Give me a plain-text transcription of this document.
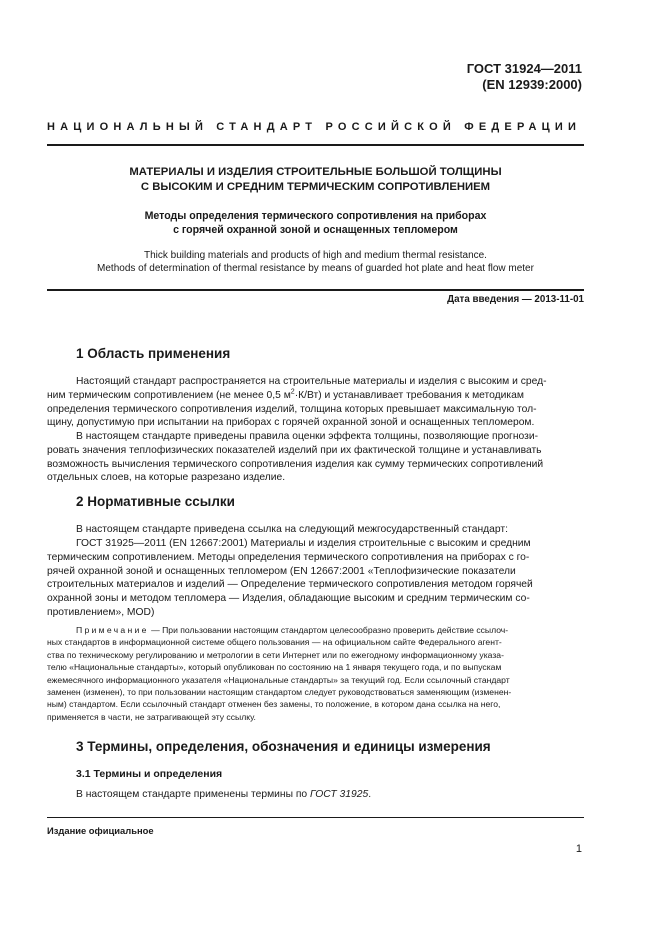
ГОСТ 31924—2011
(EN 12939:2000)
НАЦИОНАЛЬНЫЙ СТАНДАРТ РОССИЙСКОЙ ФЕДЕРАЦИИ
МАТЕРИАЛЫ И ИЗДЕЛИЯ СТРОИТЕЛЬНЫЕ БОЛЬШОЙ ТОЛЩИНЫ
С ВЫСОКИМ И СРЕДНИМ ТЕРМИЧЕСКИМ СОПРОТИВЛЕНИЕМ
Методы определения термического сопротивления на приборах
с горячей охранной зоной и оснащенных тепломером
Thick building materials and products of high and medium thermal resistance.
Methods of determination of thermal resistance by means of guarded hot plate and heat flow meter
Дата введения — 2013-11-01
1 Область применения
Настоящий стандарт распространяется на строительные материалы и изделия с высоким и сред-
ним термическим сопротивлением (не менее 0,5 $м^2\cdot К/Вт$) и устанавливает требования к методикам
определения термического сопротивления изделий, толщина которых превышает максимальную тол-
щину, допустимую при испытании на приборах с горячей охранной зоной и оснащенных тепломером.
В настоящем стандарте приведены правила оценки эффекта толщины, позволяющие прогнози-
ровать значения теплофизических показателей изделий при их фактической толщине и устанавливать
возможность вычисления термического сопротивления изделия как сумму термических сопротивлений
отдельных слоев, на которые разрезано изделие.
2 Нормативные ссылки
В настоящем стандарте приведена ссылка на следующий межгосударственный стандарт:
ГОСТ 31925—2011 (EN 12667:2001) Материалы и изделия строительные с высоким и средним
термическим сопротивлением. Методы определения термического сопротивления на приборах с го-
рячей охранной зоной и оснащенных тепломером (EN 12667:2001 «Теплофизические показатели
строительных материалов и изделий — Определение термического сопротивления методом горячей
охранной зоны и методом тепломера — Изделия, обладающие высоким и средним термическим со-
противлением», MOD)
Примечание — При пользовании настоящим стандартом целесообразно проверить действие ссылоч-
ных стандартов в информационной системе общего пользования — на официальном сайте Федерального агент-
ства по техническому регулированию и метрологии в сети Интернет или по ежегодному информационному указа-
телю «Национальные стандарты», который опубликован по состоянию на 1 января текущего года, и по выпускам
ежемесячного информационного указателя «Национальные стандарты» за текущий год. Если ссылочный стандарт
заменен (изменен), то при пользовании настоящим стандартом следует руководствоваться заменяющим (изменен-
ным) стандартом. Если ссылочный стандарт отменен без замены, то положение, в котором дана ссылка на него,
применяется в части, не затрагивающей эту ссылку.
3 Термины, определения, обозначения и единицы измерения
3.1 Термины и определения
В настоящем стандарте применены термины по ГОСТ 31925.
Издание официальное
1
